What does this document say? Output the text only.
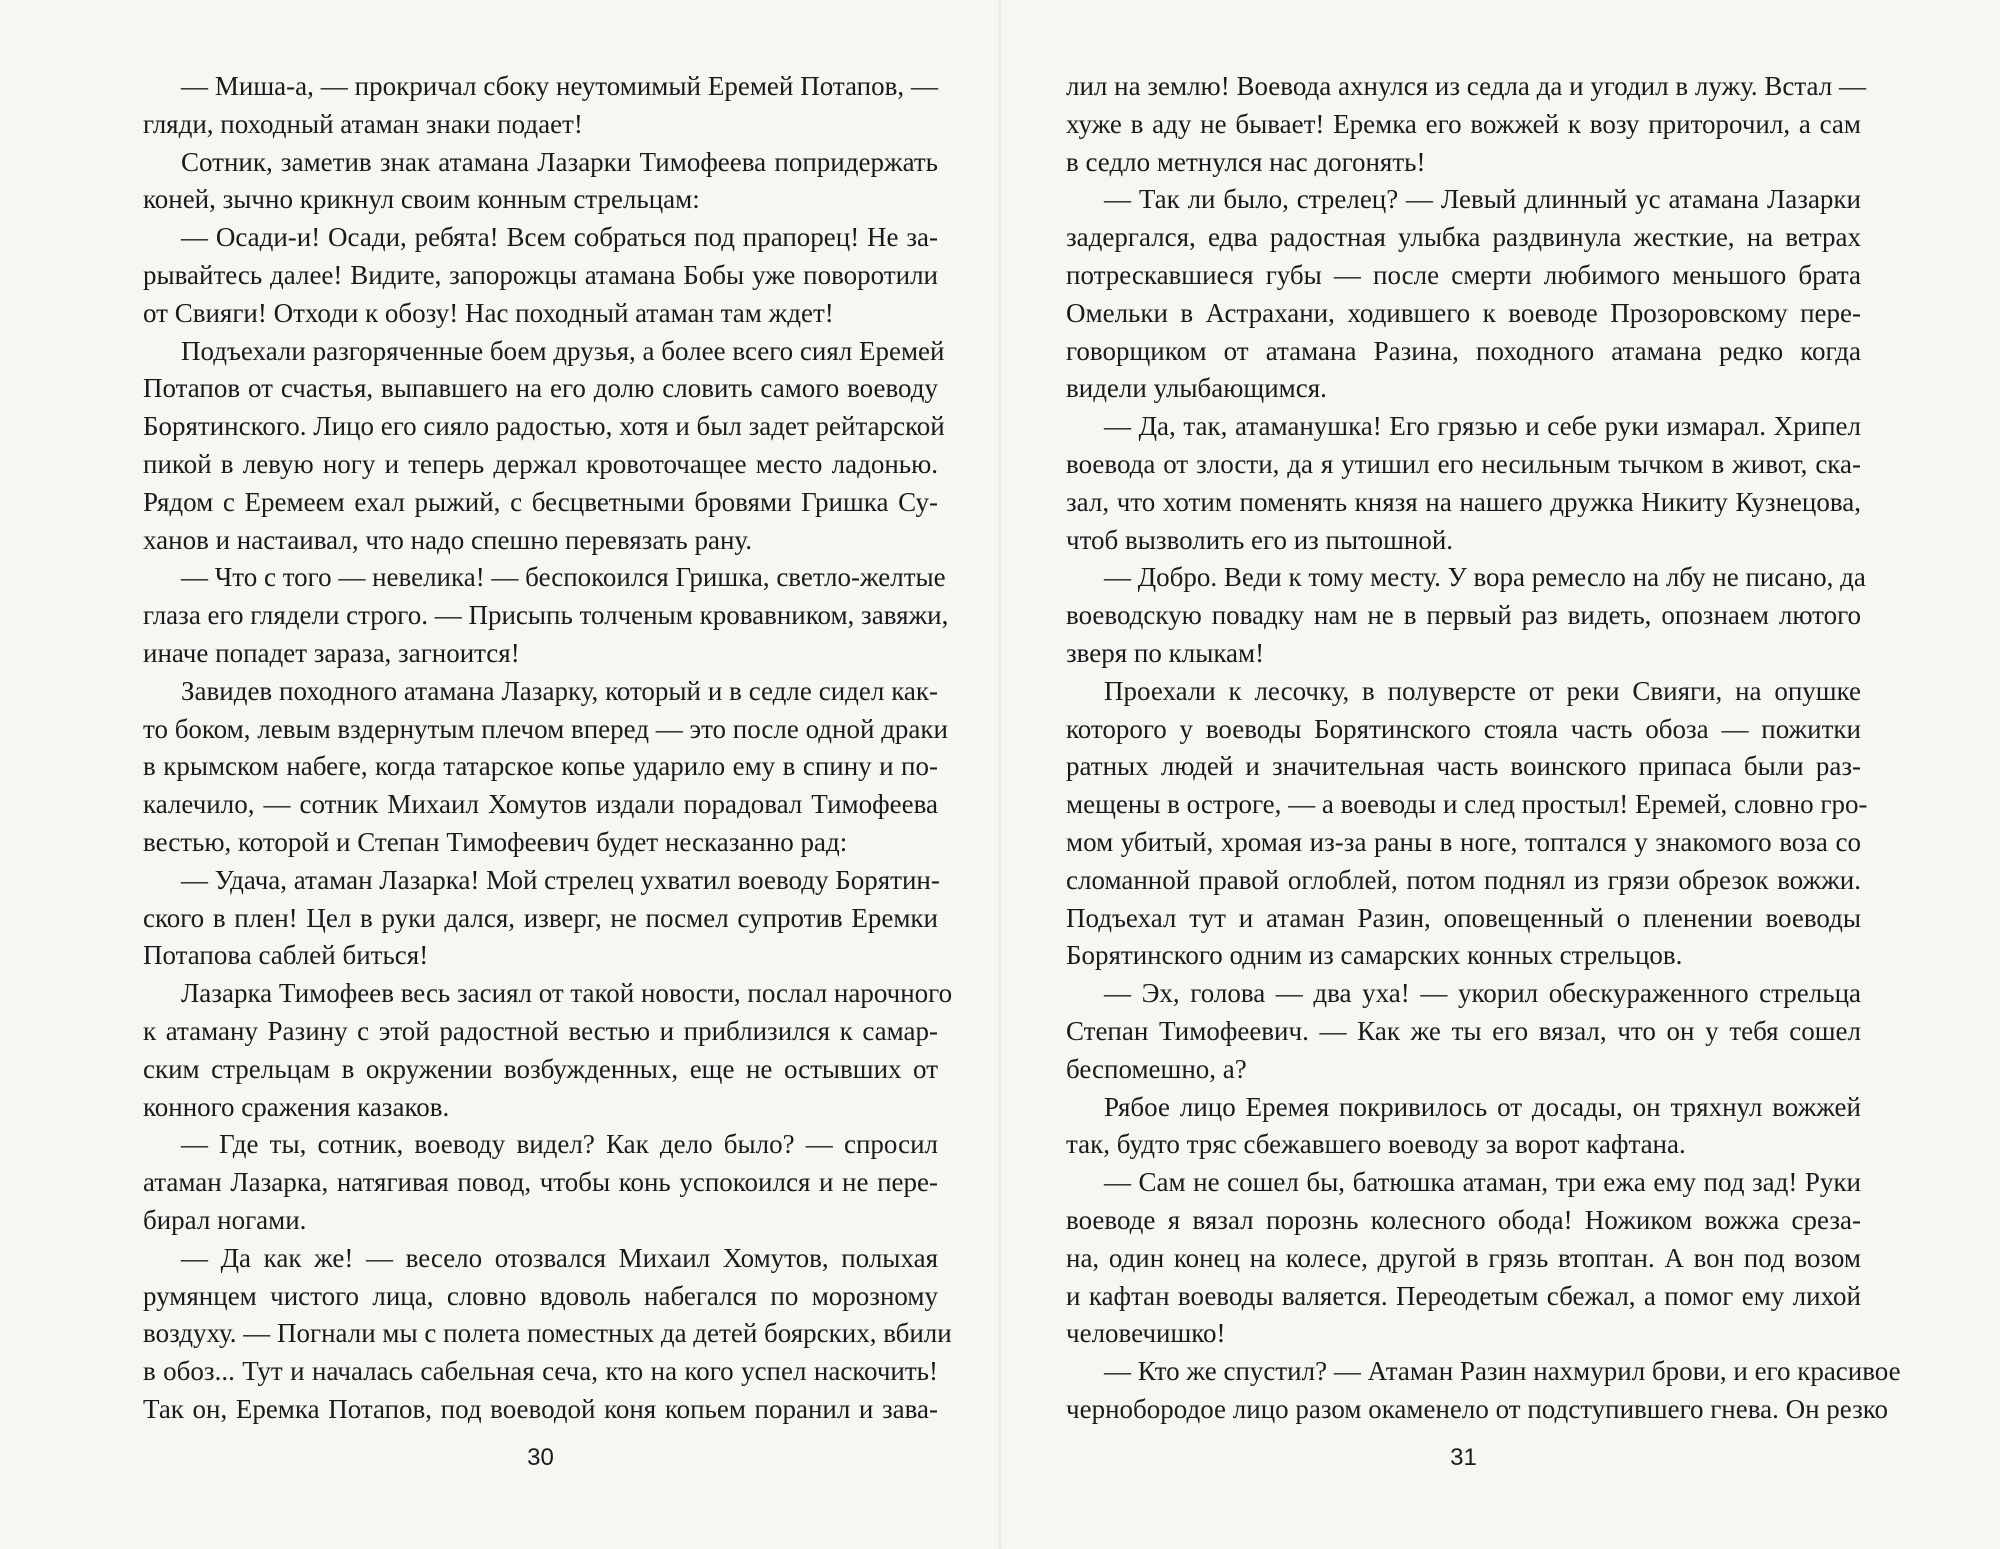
— Миша-а, — прокричал сбоку неутомимый Еремей Потапов, —
гляди, походный атаман знаки подает!
Сотник, заметив знак атамана Лазарки Тимофеева попридержать
коней, зычно крикнул своим конным стрельцам:
— Осади-и! Осади, ребята! Всем собраться под прапорец! Не за-
рывайтесь далее! Видите, запорожцы атамана Бобы уже поворотили
от Свияги! Отходи к обозу! Нас походный атаман там ждет!
Подъехали разгоряченные боем друзья, а более всего сиял Еремей
Потапов от счастья, выпавшего на его долю словить самого воеводу
Борятинского. Лицо его сияло радостью, хотя и был задет рейтарской
пикой в левую ногу и теперь держал кровоточащее место ладонью.
Рядом с Еремеем ехал рыжий, с бесцветными бровями Гришка Су-
ханов и настаивал, что надо спешно перевязать рану.
— Что с того — невелика! — беспокоился Гришка, светло-желтые
глаза его глядели строго. — Присыпь толченым кровавником, завяжи,
иначе попадет зараза, загноится!
Завидев походного атамана Лазарку, который и в седле сидел как-
то боком, левым вздернутым плечом вперед — это после одной драки
в крымском набеге, когда татарское копье ударило ему в спину и по-
калечило, — сотник Михаил Хомутов издали порадовал Тимофеева
вестью, которой и Степан Тимофеевич будет несказанно рад:
— Удача, атаман Лазарка! Мой стрелец ухватил воеводу Борятин-
ского в плен! Цел в руки дался, изверг, не посмел супротив Еремки
Потапова саблей биться!
Лазарка Тимофеев весь засиял от такой новости, послал нарочного
к атаману Разину с этой радостной вестью и приблизился к самар-
ским стрельцам в окружении возбужденных, еще не остывших от
конного сражения казаков.
— Где ты, сотник, воеводу видел? Как дело было? — спросил
атаман Лазарка, натягивая повод, чтобы конь успокоился и не пере-
бирал ногами.
— Да как же! — весело отозвался Михаил Хомутов, полыхая
румянцем чистого лица, словно вдоволь набегался по морозному
воздуху. — Погнали мы с полета поместных да детей боярских, вбили
в обоз... Тут и началась сабельная сеча, кто на кого успел наскочить!
Так он, Еремка Потапов, под воеводой коня копьем поранил и зава-
лил на землю! Воевода ахнулся из седла да и угодил в лужу. Встал —
хуже в аду не бывает! Еремка его вожжей к возу приторочил, а сам
в седло метнулся нас догонять!
— Так ли было, стрелец? — Левый длинный ус атамана Лазарки
задергался, едва радостная улыбка раздвинула жесткие, на ветрах
потрескавшиеся губы — после смерти любимого меньшого брата
Омельки в Астрахани, ходившего к воеводе Прозоровскому пере-
говорщиком от атамана Разина, походного атамана редко когда
видели улыбающимся.
— Да, так, атаманушка! Его грязью и себе руки измарал. Хрипел
воевода от злости, да я утишил его несильным тычком в живот, ска-
зал, что хотим поменять князя на нашего дружка Никиту Кузнецова,
чтоб вызволить его из пытошной.
— Добро. Веди к тому месту. У вора ремесло на лбу не писано, да
воеводскую повадку нам не в первый раз видеть, опознаем лютого
зверя по клыкам!
Проехали к лесочку, в полуверсте от реки Свияги, на опушке
которого у воеводы Борятинского стояла часть обоза — пожитки
ратных людей и значительная часть воинского припаса были раз-
мещены в остроге, — а воеводы и след простыл! Еремей, словно гро-
мом убитый, хромая из-за раны в ноге, топтался у знакомого воза со
сломанной правой оглоблей, потом поднял из грязи обрезок вожжи.
Подъехал тут и атаман Разин, оповещенный о пленении воеводы
Борятинского одним из самарских конных стрельцов.
— Эх, голова — два уха! — укорил обескураженного стрельца
Степан Тимофеевич. — Как же ты его вязал, что он у тебя сошел
беспомешно, а?
Рябое лицо Еремея покривилось от досады, он тряхнул вожжей
так, будто тряс сбежавшего воеводу за ворот кафтана.
— Сам не сошел бы, батюшка атаман, три ежа ему под зад! Руки
воеводе я вязал порознь колесного обода! Ножиком вожжа среза-
на, один конец на колесе, другой в грязь втоптан. А вон под возом
и кафтан воеводы валяется. Переодетым сбежал, а помог ему лихой
человечишко!
— Кто же спустил? — Атаман Разин нахмурил брови, и его красивое
чернобородое лицо разом окаменело от подступившего гнева. Он резко
30	31
